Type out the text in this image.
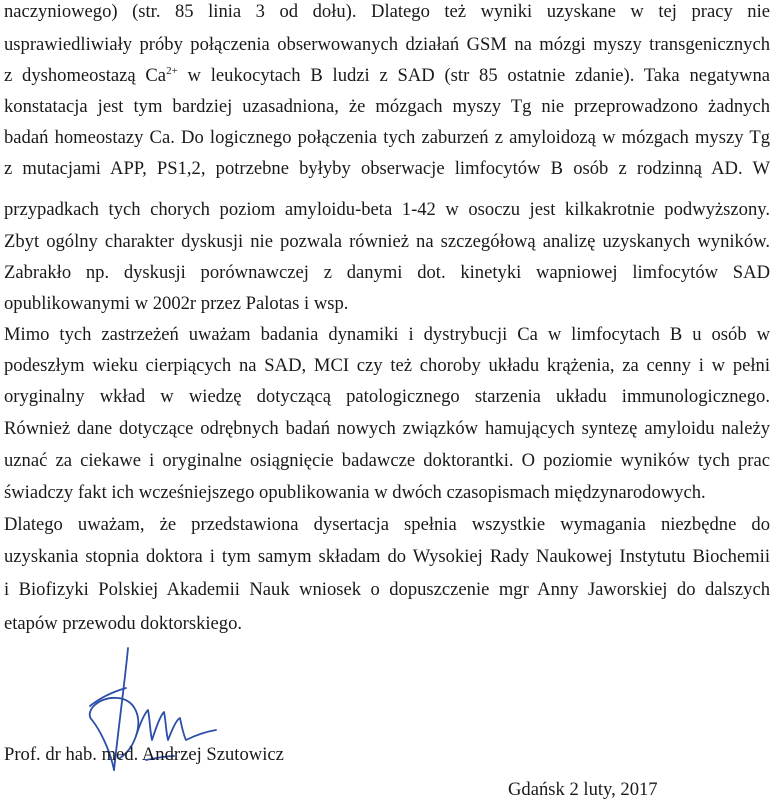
naczyniowego) (str. 85 linia 3 od dołu). Dlatego też wyniki uzyskane w tej pracy nie
usprawiedliwiały próby połączenia obserwowanych działań GSM na mózgi myszy transgenicznych
z dyshomeostazą $Ca^{2+}$ w leukocytach B ludzi z SAD (str 85 ostatnie zdanie). Taka negatywna
konstatacja jest tym bardziej uzasadniona, że mózgach myszy Tg nie przeprowadzono żadnych
badań homeostazy Ca. Do logicznego połączenia tych zaburzeń z amyloidozą w mózgach myszy Tg
z mutacjami APP, PS1,2, potrzebne byłyby obserwacje limfocytów B osób z rodzinną AD. W
przypadkach tych chorych poziom amyloidu-beta 1-42 w osoczu jest kilkakrotnie podwyższony.
Zbyt ogólny charakter dyskusji nie pozwala również na szczegółową analizę uzyskanych wyników.
Zabrakło np. dyskusji porównawczej z danymi dot. kinetyki wapniowej limfocytów SAD
opublikowanymi w 2002r przez Palotas i wsp.
Mimo tych zastrzeżeń uważam badania dynamiki i dystrybucji Ca w limfocytach B u osób w
podeszłym wieku cierpiących na SAD, MCI czy też choroby układu krążenia, za cenny i w pełni
oryginalny wkład w wiedzę dotyczącą patologicznego starzenia układu immunologicznego.
Również dane dotyczące odrębnych badań nowych związków hamujących syntezę amyloidu należy
uznać za ciekawe i oryginalne osiągnięcie badawcze doktorantki. O poziomie wyników tych prac
świadczy fakt ich wcześniejszego opublikowania w dwóch czasopismach międzynarodowych.
Dlatego uważam, że przedstawiona dysertacja spełnia wszystkie wymagania niezbędne do
uzyskania stopnia doktora i tym samym składam do Wysokiej Rady Naukowej Instytutu Biochemii
i Biofizyki Polskiej Akademii Nauk wniosek o dopuszczenie mgr Anny Jaworskiej do dalszych
etapów przewodu doktorskiego.
Prof. dr hab. med. Andrzej Szutowicz
Gdańsk 2 luty, 2017
